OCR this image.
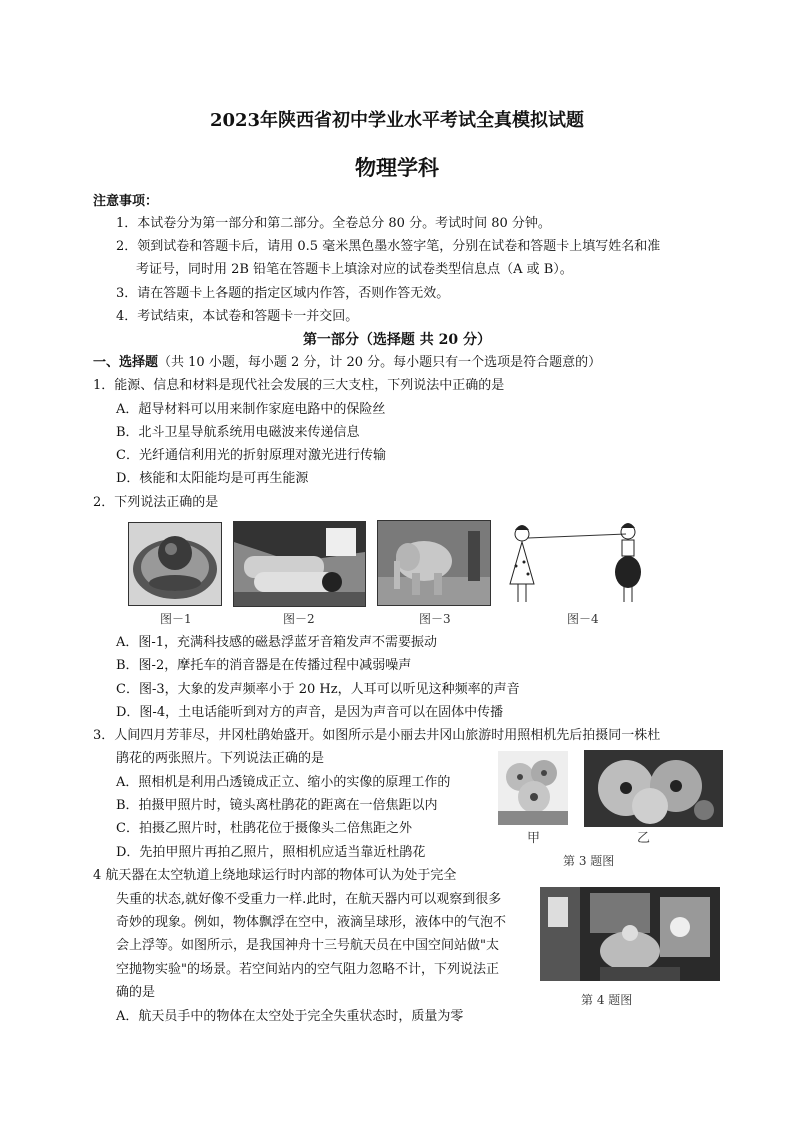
2023年陕西省初中学业水平考试全真模拟试题
物理学科
注意事项：
1．本试卷分为第一部分和第二部分。全卷总分 80 分。考试时间 80 分钟。
2．领到试卷和答题卡后，请用 0.5 毫米黑色墨水签字笔，分别在试卷和答题卡上填写姓名和准
考证号，同时用 2B 铅笔在答题卡上填涂对应的试卷类型信息点（A 或 B）。
3．请在答题卡上各题的指定区域内作答，否则作答无效。
4．考试结束，本试卷和答题卡一并交回。
第一部分（选择题 共 20 分）
一、选择题（共 10 小题，每小题 2 分，计 20 分。每小题只有一个选项是符合题意的）
1．能源、信息和材料是现代社会发展的三大支柱，下列说法中正确的是
A．超导材料可以用来制作家庭电路中的保险丝
B．北斗卫星导航系统用电磁波来传递信息
C．光纤通信利用光的折射原理对激光进行传输
D．核能和太阳能均是可再生能源
2．下列说法正确的是
图－1	图－2	图－3	图－4
A．图-1，充满科技感的磁悬浮蓝牙音箱发声不需要振动
B．图-2，摩托车的消音器是在传播过程中减弱噪声
C．图-3，大象的发声频率小于 20 Hz，人耳可以听见这种频率的声音
D．图-4，土电话能听到对方的声音，是因为声音可以在固体中传播
3．人间四月芳菲尽，井冈杜鹃始盛开。如图所示是小丽去井冈山旅游时用照相机先后拍摄同一株杜
鹃花的两张照片。下列说法正确的是
A．照相机是利用凸透镜成正立、缩小的实像的原理工作的
B．拍摄甲照片时，镜头离杜鹃花的距离在一倍焦距以内
C．拍摄乙照片时，杜鹃花位于摄像头二倍焦距之外
D．先拍甲照片再拍乙照片，照相机应适当靠近杜鹃花
甲	乙
第 3 题图
4 航天器在太空轨道上绕地球运行时内部的物体可认为处于完全
失重的状态,就好像不受重力一样.此时，在航天器内可以观察到很多
奇妙的现象。例如，物体飘浮在空中，液滴呈球形，液体中的气泡不
会上浮等。如图所示，是我国神舟十三号航天员在中国空间站做"太
空抛物实验"的场景。若空间站内的空气阻力忽略不计，下列说法正
确的是
A．航天员手中的物体在太空处于完全失重状态时，质量为零
第 4 题图
